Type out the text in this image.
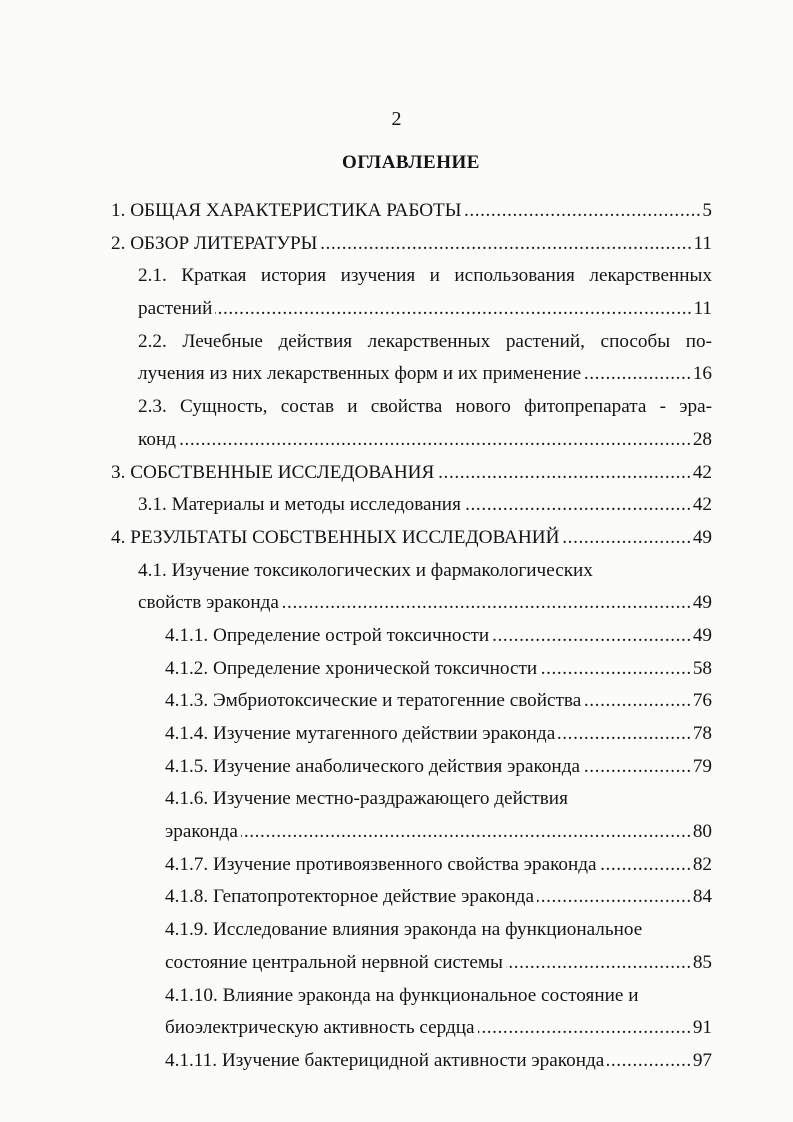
2
ОГЛАВЛЕНИЕ
1. ОБЩАЯ ХАРАКТЕРИСТИКА РАБОТЫ .....	5
2. ОБЗОР ЛИТЕРАТУРЫ .....	11
2.1. Краткая история изучения и использования лекарственных
растений .....	11
2.2. Лечебные действия лекарственных растений, способы по-
лучения из них лекарственных форм и их применение .....	16
2.3. Сущность, состав и свойства нового фитопрепарата - эра-
конд .....	28
3. СОБСТВЕННЫЕ ИССЛЕДОВАНИЯ .....	42
3.1. Материалы и методы исследования .....	42
4. РЕЗУЛЬТАТЫ СОБСТВЕННЫХ ИССЛЕДОВАНИЙ .....	49
4.1. Изучение токсикологических и фармакологических
свойств эраконда .....	49
4.1.1. Определение острой токсичности .....	49
4.1.2. Определение хронической токсичности .....	58
4.1.3. Эмбриотоксические и тератогенние свойства .....	76
4.1.4. Изучение мутагенного действии эраконда .....	78
4.1.5. Изучение анаболического действия эраконда .....	79
4.1.6. Изучение местно-раздражающего действия
эраконда .....	80
4.1.7. Изучение противоязвенного свойства эраконда .....	82
4.1.8. Гепатопротекторное действие эраконда .....	84
4.1.9. Исследование влияния эраконда на функциональное
состояние центральной нервной системы .....	85
4.1.10. Влияние эраконда на функциональное состояние и
биоэлектрическую активность сердца .....	91
4.1.11. Изучение бактерицидной активности эраконда .....	97
